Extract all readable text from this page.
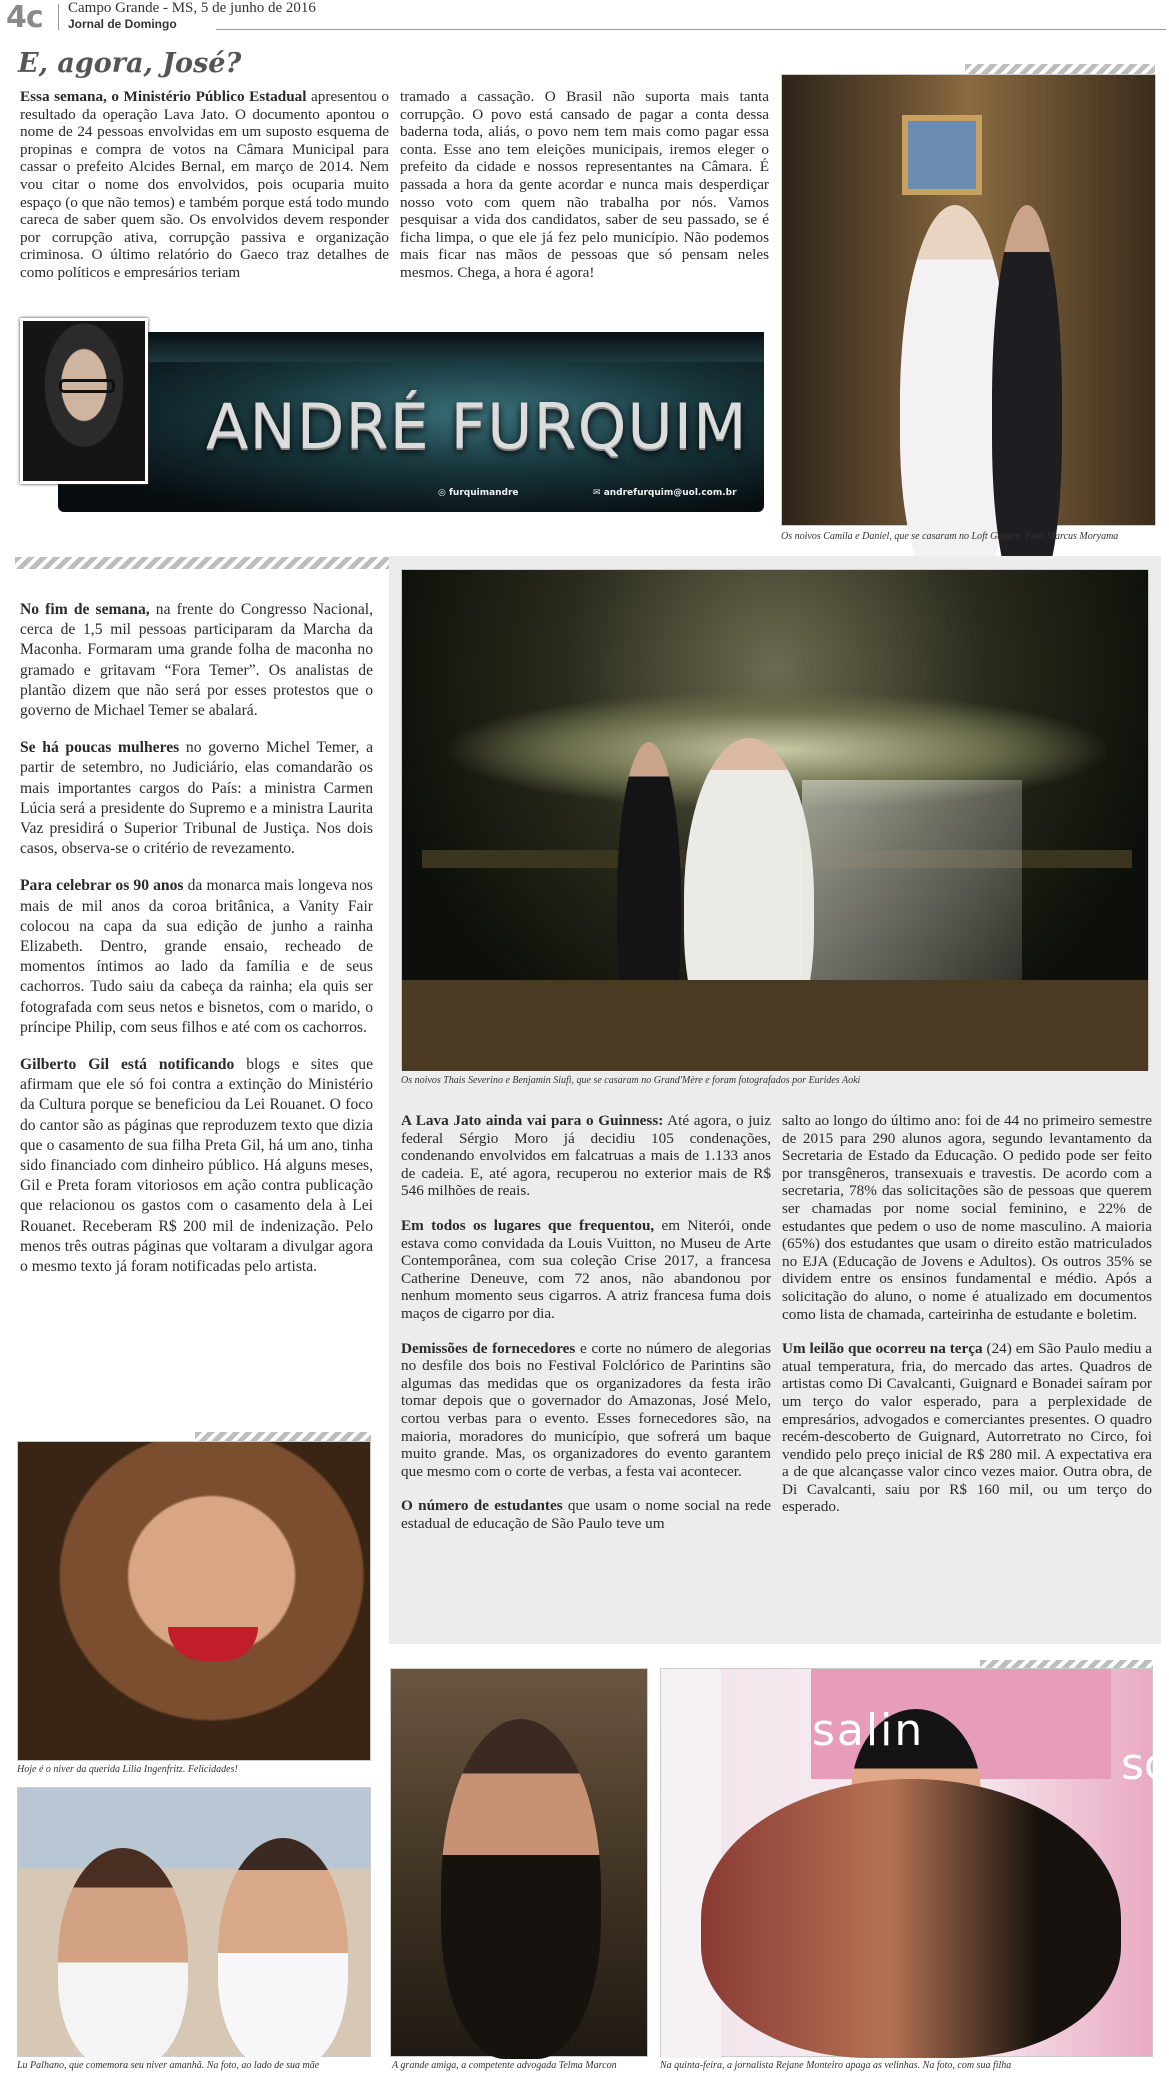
4c Campo Grande - MS, 5 de junho de 2016
Jornal de Domingo
E, agora, José?
Essa semana, o Ministério Público Estadual apresentou o resultado da operação Lava Jato. O documento apontou o nome de 24 pessoas envolvidas em um suposto esquema de propinas e compra de votos na Câmara Municipal para cassar o prefeito Alcides Bernal, em março de 2014. Nem vou citar o nome dos envolvidos, pois ocuparia muito espaço (o que não temos) e também porque está todo mundo careca de saber quem são. Os envolvidos devem responder por corrupção ativa, corrupção passiva e organização criminosa. O último relatório do Gaeco traz detalhes de como políticos e empresários teriam
tramado a cassação. O Brasil não suporta mais tanta corrupção. O povo está cansado de pagar a conta dessa baderna toda, aliás, o povo nem tem mais como pagar essa conta. Esse ano tem eleições municipais, iremos eleger o prefeito da cidade e nossos representantes na Câmara. É passada a hora da gente acordar e nunca mais desperdiçar nosso voto com quem não trabalha por nós. Vamos pesquisar a vida dos candidatos, saber de seu passado, se é ficha limpa, o que ele já fez pelo município. Não podemos mais ficar nas mãos de pessoas que só pensam neles mesmos. Chega, a hora é agora!
ANDRÉ FURQUIM
◎ furquimandre	✉ andrefurquim@uol.com.br
Os noivos Camila e Daniel, que se casaram no Loft Garden. Foto Marcus Moryama

No fim de semana, na frente do Congresso Nacional, cerca de 1,5 mil pessoas participaram da Marcha da Maconha. Formaram uma grande folha de maconha no gramado e gritavam “Fora Temer”. Os analistas de plantão dizem que não será por esses protestos que o governo de Michael Temer se abalará.

Se há poucas mulheres no governo Michel Temer, a partir de setembro, no Judiciário, elas comandarão os mais importantes cargos do País: a ministra Carmen Lúcia será a presidente do Supremo e a ministra Laurita Vaz presidirá o Superior Tribunal de Justiça. Nos dois casos, observa-se o critério de revezamento.

Para celebrar os 90 anos da monarca mais longeva nos mais de mil anos da coroa britânica, a Vanity Fair colocou na capa da sua edição de junho a rainha Elizabeth. Dentro, grande ensaio, recheado de momentos íntimos ao lado da família e de seus cachorros. Tudo saiu da cabeça da rainha; ela quis ser fotografada com seus netos e bisnetos, com o marido, o príncipe Philip, com seus filhos e até com os cachorros.

Gilberto Gil está notificando blogs e sites que afirmam que ele só foi contra a extinção do Ministério da Cultura porque se beneficiou da Lei Rouanet. O foco do cantor são as páginas que reproduzem texto que dizia que o casamento de sua filha Preta Gil, há um ano, tinha sido financiado com dinheiro público. Há alguns meses, Gil e Preta foram vitoriosos em ação contra publicação que relacionou os gastos com o casamento dela à Lei Rouanet. Receberam R$ 200 mil de indenização. Pelo menos três outras páginas que voltaram a divulgar agora o mesmo texto já foram notificadas pelo artista.

Os noivos Thais Severino e Benjamin Siufi, que se casaram no Grand'Mère e foram fotografados por Eurides Aoki

A Lava Jato ainda vai para o Guinness: Até agora, o juiz federal Sérgio Moro já decidiu 105 condenações, condenando envolvidos em falcatruas a mais de 1.133 anos de cadeia. E, até agora, recuperou no exterior mais de R$ 546 milhões de reais.

Em todos os lugares que frequentou, em Niterói, onde estava como convidada da Louis Vuitton, no Museu de Arte Contemporânea, com sua coleção Crise 2017, a francesa Catherine Deneuve, com 72 anos, não abandonou por nenhum momento seus cigarros. A atriz francesa fuma dois maços de cigarro por dia.

Demissões de fornecedores e corte no número de alegorias no desfile dos bois no Festival Folclórico de Parintins são algumas das medidas que os organizadores da festa irão tomar depois que o governador do Amazonas, José Melo, cortou verbas para o evento. Esses fornecedores são, na maioria, moradores do município, que sofrerá um baque muito grande. Mas, os organizadores do evento garantem que mesmo com o corte de verbas, a festa vai acontecer.

O número de estudantes que usam o nome social na rede estadual de educação de São Paulo teve um

salto ao longo do último ano: foi de 44 no primeiro semestre de 2015 para 290 alunos agora, segundo levantamento da Secretaria de Estado da Educação. O pedido pode ser feito por transgêneros, transexuais e travestis. De acordo com a secretaria, 78% das solicitações são de pessoas que querem ser chamadas por nome social feminino, e 22% de estudantes que pedem o uso de nome masculino. A maioria (65%) dos estudantes que usam o direito estão matriculados no EJA (Educação de Jovens e Adultos). Os outros 35% se dividem entre os ensinos fundamental e médio. Após a solicitação do aluno, o nome é atualizado em documentos como lista de chamada, carteirinha de estudante e boletim.

Um leilão que ocorreu na terça (24) em São Paulo mediu a atual temperatura, fria, do mercado das artes. Quadros de artistas como Di Cavalcanti, Guignard e Bonadei saíram por um terço do valor esperado, para a perplexidade de empresários, advogados e comerciantes presentes. O quadro recém-descoberto de Guignard, Autorretrato no Circo, foi vendido pelo preço inicial de R$ 280 mil. A expectativa era a de que alcançasse valor cinco vezes maior. Outra obra, de Di Cavalcanti, saiu por R$ 160 mil, ou um terço do esperado.

Hoje é o niver da querida Lilia Ingenfritz. Felicidades!
Lu Palhano, que comemora seu niver amanhã. Na foto, ao lado de sua mãe	A grande amiga, a competente advogada Telma Marcon
sc
salin
Na quinta-feira, a jornalista Rejane Monteiro apaga as velinhas. Na foto, com sua filha
